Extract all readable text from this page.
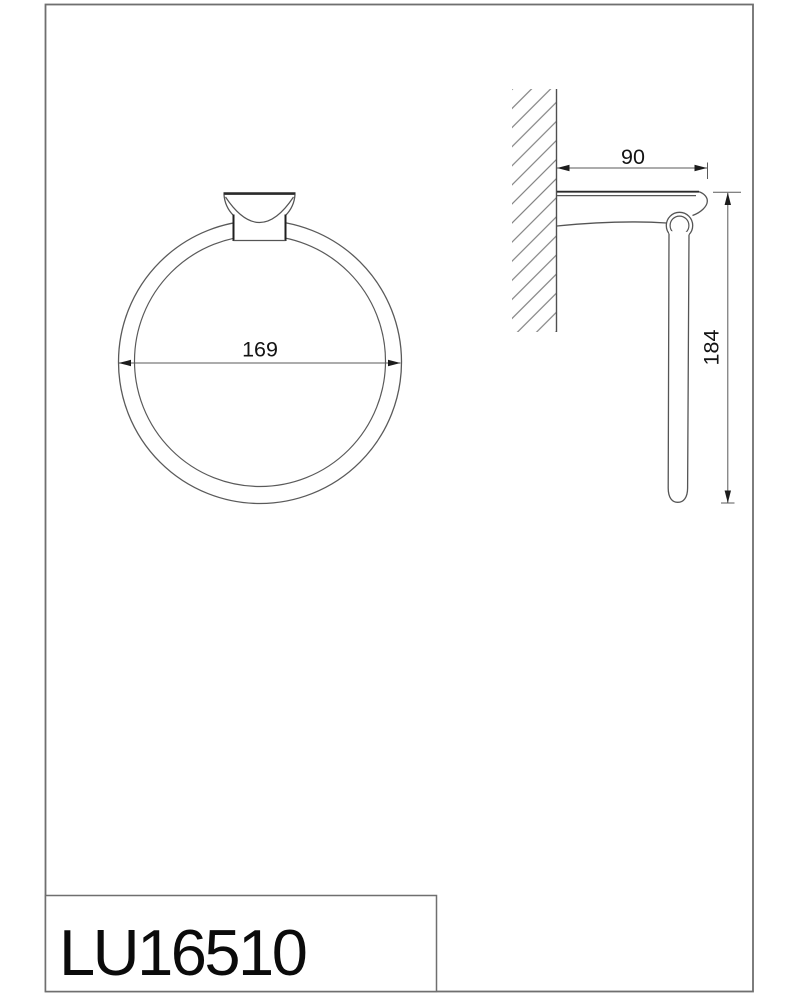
169
90
184
LU16510
